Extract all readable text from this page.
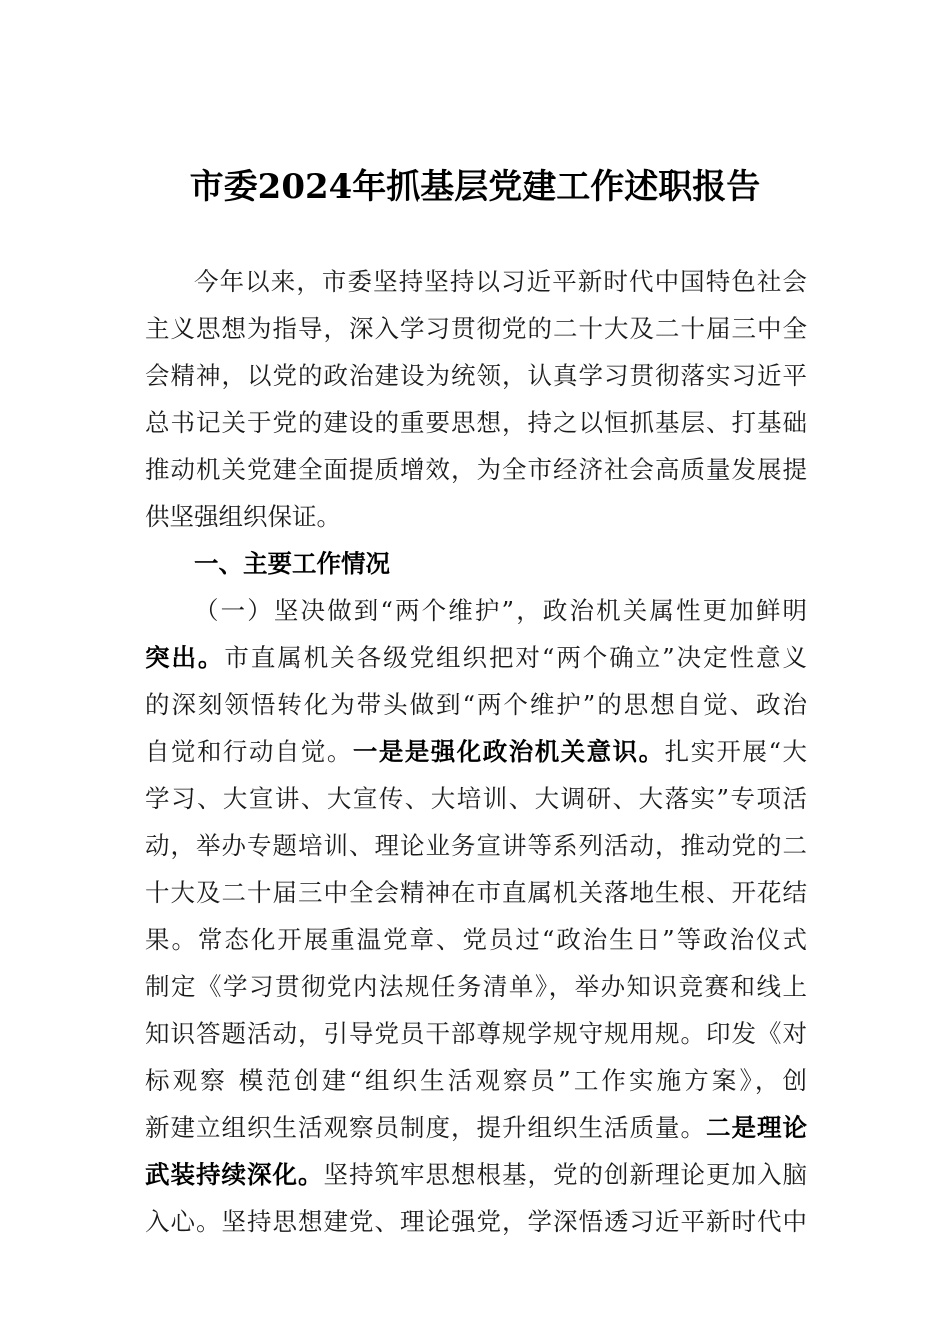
市委2024年抓基层党建工作述职报告
今年以来，市委坚持坚持以习近平新时代中国特色社会
主义思想为指导，深入学习贯彻党的二十大及二十届三中全
会精神，以党的政治建设为统领，认真学习贯彻落实习近平
总书记关于党的建设的重要思想，持之以恒抓基层、打基础
推动机关党建全面提质增效，为全市经济社会高质量发展提
供坚强组织保证。
一、主要工作情况
（一）坚决做到“两个维护”，政治机关属性更加鲜明
突出。市直属机关各级党组织把对“两个确立”决定性意义
的深刻领悟转化为带头做到“两个维护”的思想自觉、政治
自觉和行动自觉。一是是强化政治机关意识。扎实开展“大
学习、大宣讲、大宣传、大培训、大调研、大落实”专项活
动，举办专题培训、理论业务宣讲等系列活动，推动党的二
十大及二十届三中全会精神在市直属机关落地生根、开花结
果。常态化开展重温党章、党员过“政治生日”等政治仪式
制定《学习贯彻党内法规任务清单》，举办知识竞赛和线上
知识答题活动，引导党员干部尊规学规守规用规。印发《对
标观察 模范创建“组织生活观察员”工作实施方案》，创
新建立组织生活观察员制度，提升组织生活质量。二是理论
武装持续深化。坚持筑牢思想根基，党的创新理论更加入脑
入心。坚持思想建党、理论强党，学深悟透习近平新时代中
